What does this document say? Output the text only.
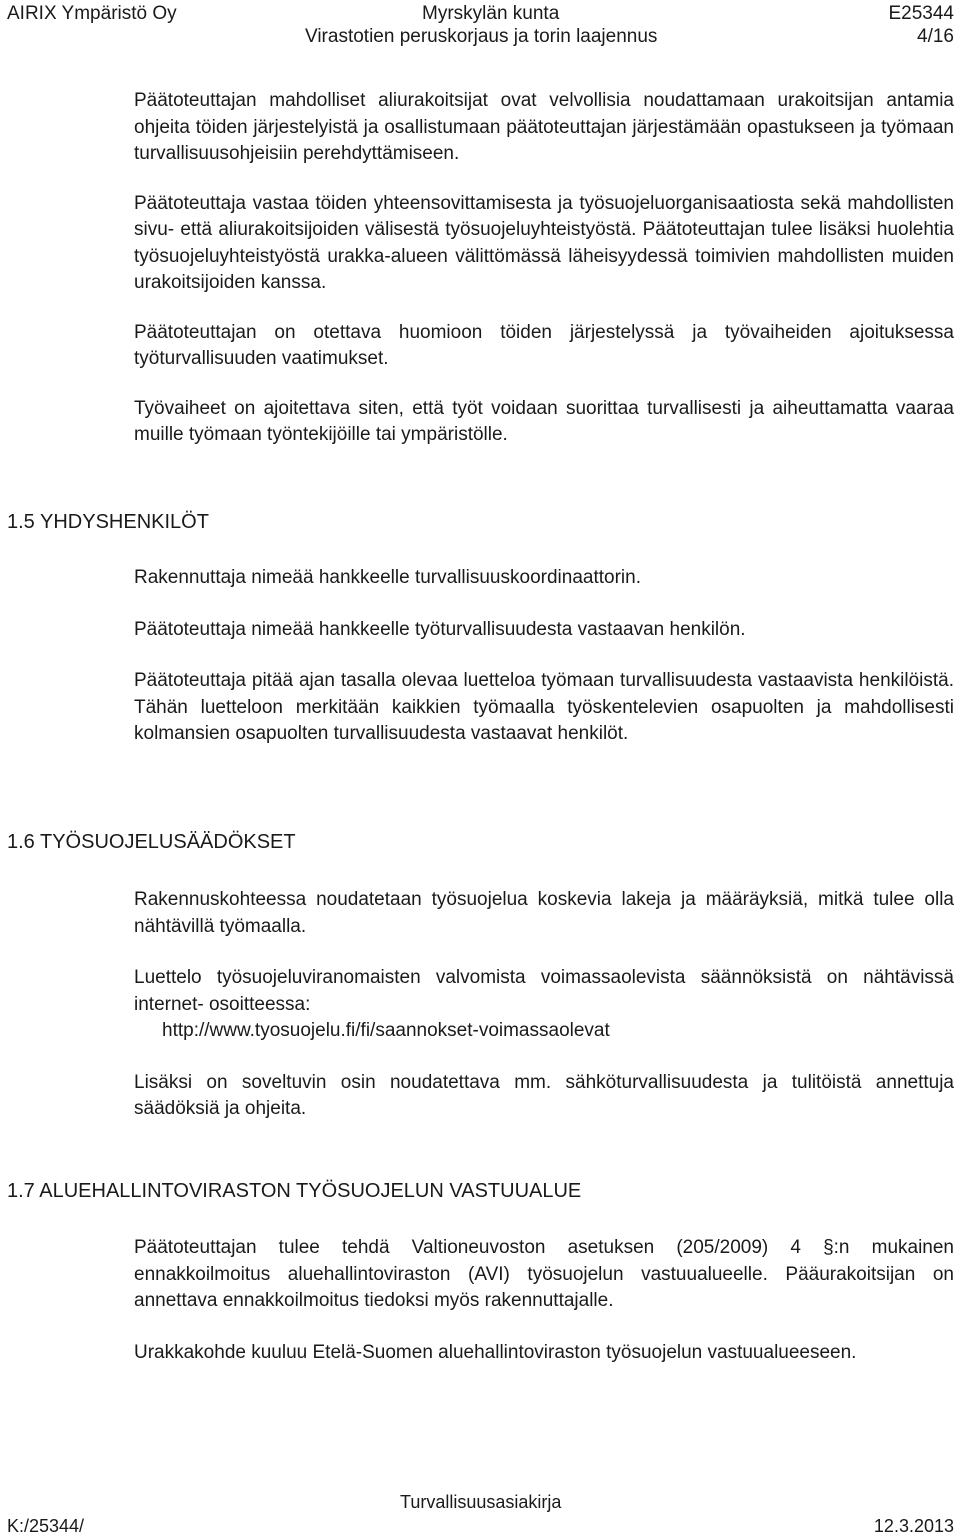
AIRIX Ympäristö Oy	Myrskylän kunta	E25344
Virastotien peruskorjaus ja torin laajennus	4/16

Päätoteuttajan mahdolliset aliurakoitsijat ovat velvollisia noudattamaan urakoitsijan antamia ohjeita töiden järjestelyistä ja osallistumaan päätoteuttajan järjestämään opastukseen ja työmaan turvallisuusohjeisiin perehdyttämiseen.

Päätoteuttaja vastaa töiden yhteensovittamisesta ja työsuojeluorganisaatiosta sekä mahdollisten sivu- että aliurakoitsijoiden välisestä työsuojeluyhteistyöstä. Päätoteuttajan tulee lisäksi huolehtia työsuojeluyhteistyöstä urakka-alueen välittömässä läheisyydessä toimivien mahdollisten muiden urakoitsijoiden kanssa.

Päätoteuttajan on otettava huomioon töiden järjestelyssä ja työvaiheiden ajoituksessa työturvallisuuden vaatimukset.

Työvaiheet on ajoitettava siten, että työt voidaan suorittaa turvallisesti ja aiheuttamatta vaaraa muille työmaan työntekijöille tai ympäristölle.

1.5 YHDYSHENKILÖT

Rakennuttaja nimeää hankkeelle turvallisuuskoordinaattorin.

Päätoteuttaja nimeää hankkeelle työturvallisuudesta vastaavan henkilön.

Päätoteuttaja pitää ajan tasalla olevaa luetteloa työmaan turvallisuudesta vastaavista henkilöistä. Tähän luetteloon merkitään kaikkien työmaalla työskentelevien osapuolten ja mahdollisesti kolmansien osapuolten turvallisuudesta vastaavat henkilöt.

1.6 TYÖSUOJELUSÄÄDÖKSET

Rakennuskohteessa noudatetaan työsuojelua koskevia lakeja ja määräyksiä, mitkä tulee olla nähtävillä työmaalla.

Luettelo työsuojeluviranomaisten valvomista voimassaolevista säännöksistä on nähtävissä internet- osoitteessa:

http://www.tyosuojelu.fi/fi/saannokset-voimassaolevat

Lisäksi on soveltuvin osin noudatettava mm. sähköturvallisuudesta ja tulitöistä annettuja säädöksiä ja ohjeita.

1.7 ALUEHALLINTOVIRASTON TYÖSUOJELUN VASTUUALUE

Päätoteuttajan tulee tehdä Valtioneuvoston asetuksen (205/2009) 4 §:n mukainen ennakkoilmoitus aluehallintoviraston (AVI) työsuojelun vastuualueelle. Pääurakoitsijan on annettava ennakkoilmoitus tiedoksi myös rakennuttajalle.

Urakkakohde kuuluu Etelä-Suomen aluehallintoviraston työsuojelun vastuualueeseen.

Turvallisuusasiakirja
K:/25344/	12.3.2013
